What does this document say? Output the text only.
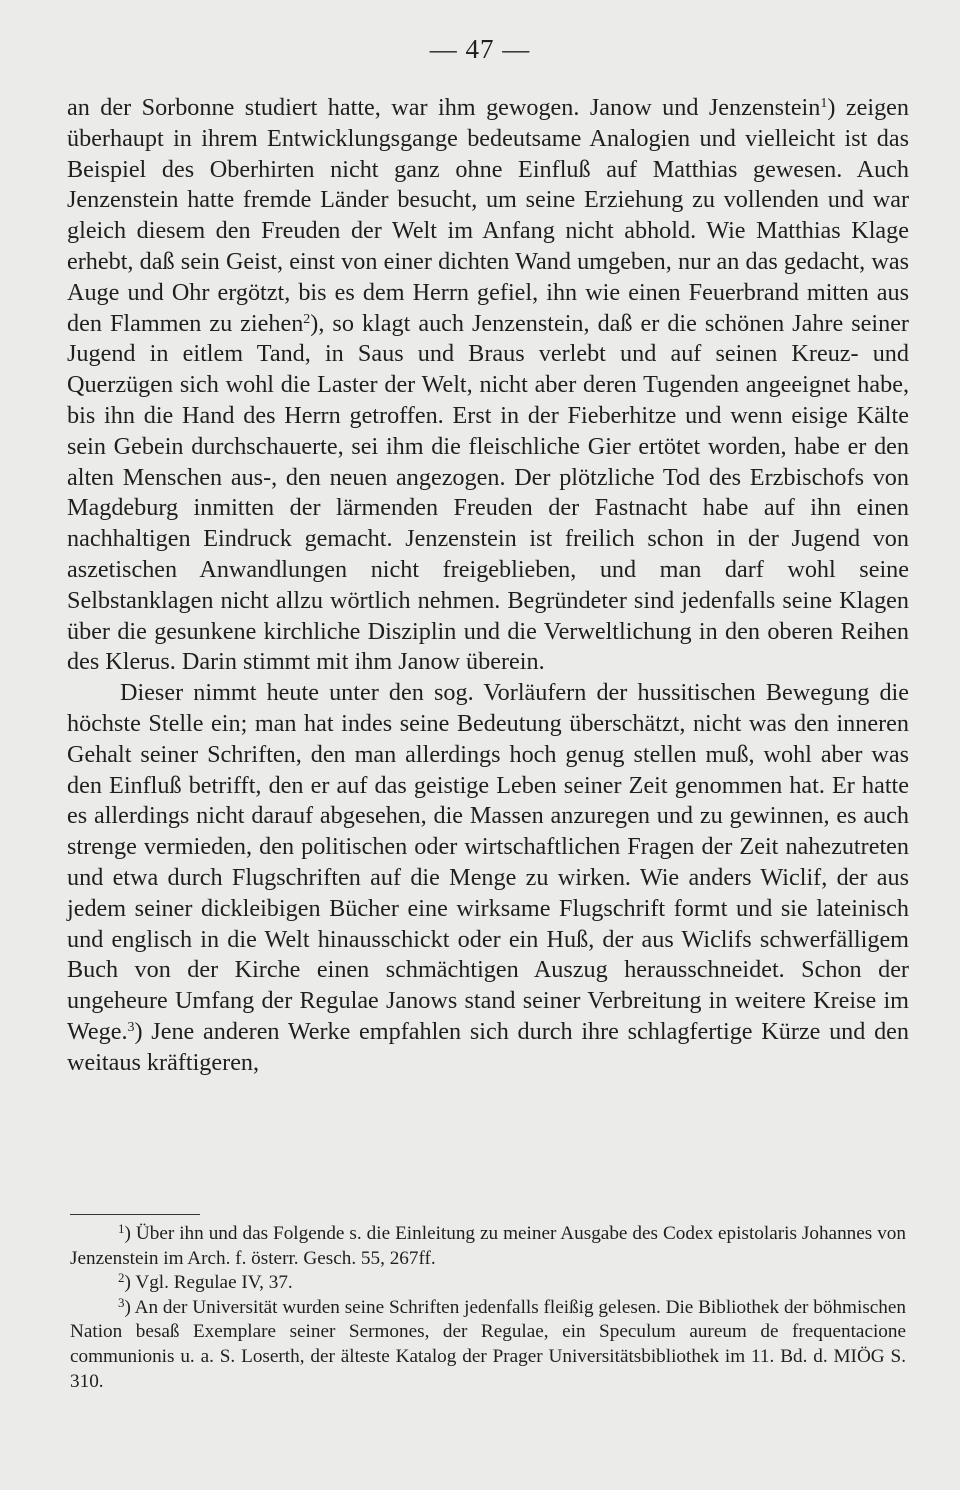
— 47 —

an der Sorbonne studiert hatte, war ihm gewogen. Janow und Jenzenstein$^1$) zeigen überhaupt in ihrem Entwicklungsgange bedeutsame Analogien und vielleicht ist das Beispiel des Oberhirten nicht ganz ohne Einfluß auf Matthias gewesen. Auch Jenzenstein hatte fremde Länder besucht, um seine Erziehung zu vollenden und war gleich diesem den Freuden der Welt im Anfang nicht abhold. Wie Matthias Klage erhebt, daß sein Geist, einst von einer dichten Wand umgeben, nur an das gedacht, was Auge und Ohr ergötzt, bis es dem Herrn gefiel, ihn wie einen Feuerbrand mitten aus den Flammen zu ziehen$^2$), so klagt auch Jenzenstein, daß er die schönen Jahre seiner Jugend in eitlem Tand, in Saus und Braus verlebt und auf seinen Kreuz- und Querzügen sich wohl die Laster der Welt, nicht aber deren Tugenden angeeignet habe, bis ihn die Hand des Herrn getroffen. Erst in der Fieberhitze und wenn eisige Kälte sein Gebein durchschauerte, sei ihm die fleischliche Gier ertötet worden, habe er den alten Menschen aus-, den neuen angezogen. Der plötzliche Tod des Erzbischofs von Magdeburg inmitten der lärmenden Freuden der Fastnacht habe auf ihn einen nachhaltigen Eindruck gemacht. Jenzenstein ist freilich schon in der Jugend von aszetischen Anwandlungen nicht freigeblieben, und man darf wohl seine Selbstanklagen nicht allzu wörtlich nehmen. Begründeter sind jedenfalls seine Klagen über die gesunkene kirchliche Disziplin und die Verweltlichung in den oberen Reihen des Klerus. Darin stimmt mit ihm Janow überein.

Dieser nimmt heute unter den sog. Vorläufern der hussitischen Bewegung die höchste Stelle ein; man hat indes seine Bedeutung überschätzt, nicht was den inneren Gehalt seiner Schriften, den man allerdings hoch genug stellen muß, wohl aber was den Einfluß betrifft, den er auf das geistige Leben seiner Zeit genommen hat. Er hatte es allerdings nicht darauf abgesehen, die Massen anzuregen und zu gewinnen, es auch strenge vermieden, den politischen oder wirtschaftlichen Fragen der Zeit nahezutreten und etwa durch Flugschriften auf die Menge zu wirken. Wie anders Wiclif, der aus jedem seiner dickleibigen Bücher eine wirksame Flugschrift formt und sie lateinisch und englisch in die Welt hinausschickt oder ein Huß, der aus Wiclifs schwerfälligem Buch von der Kirche einen schmächtigen Auszug herausschneidet. Schon der ungeheure Umfang der Regulae Janows stand seiner Verbreitung in weitere Kreise im Wege.$^3$) Jene anderen Werke empfahlen sich durch ihre schlagfertige Kürze und den weitaus kräftigeren,

$^1$) Über ihn und das Folgende s. die Einleitung zu meiner Ausgabe des Codex epistolaris Johannes von Jenzenstein im Arch. f. österr. Gesch. 55, 267ff.

$^2$) Vgl. Regulae IV, 37.

$^3$) An der Universität wurden seine Schriften jedenfalls fleißig gelesen. Die Bibliothek der böhmischen Nation besaß Exemplare seiner Sermones, der Regulae, ein Speculum aureum de frequentacione communionis u. a. S. Loserth, der älteste Katalog der Prager Universitätsbibliothek im 11. Bd. d. MIÖG S. 310.
